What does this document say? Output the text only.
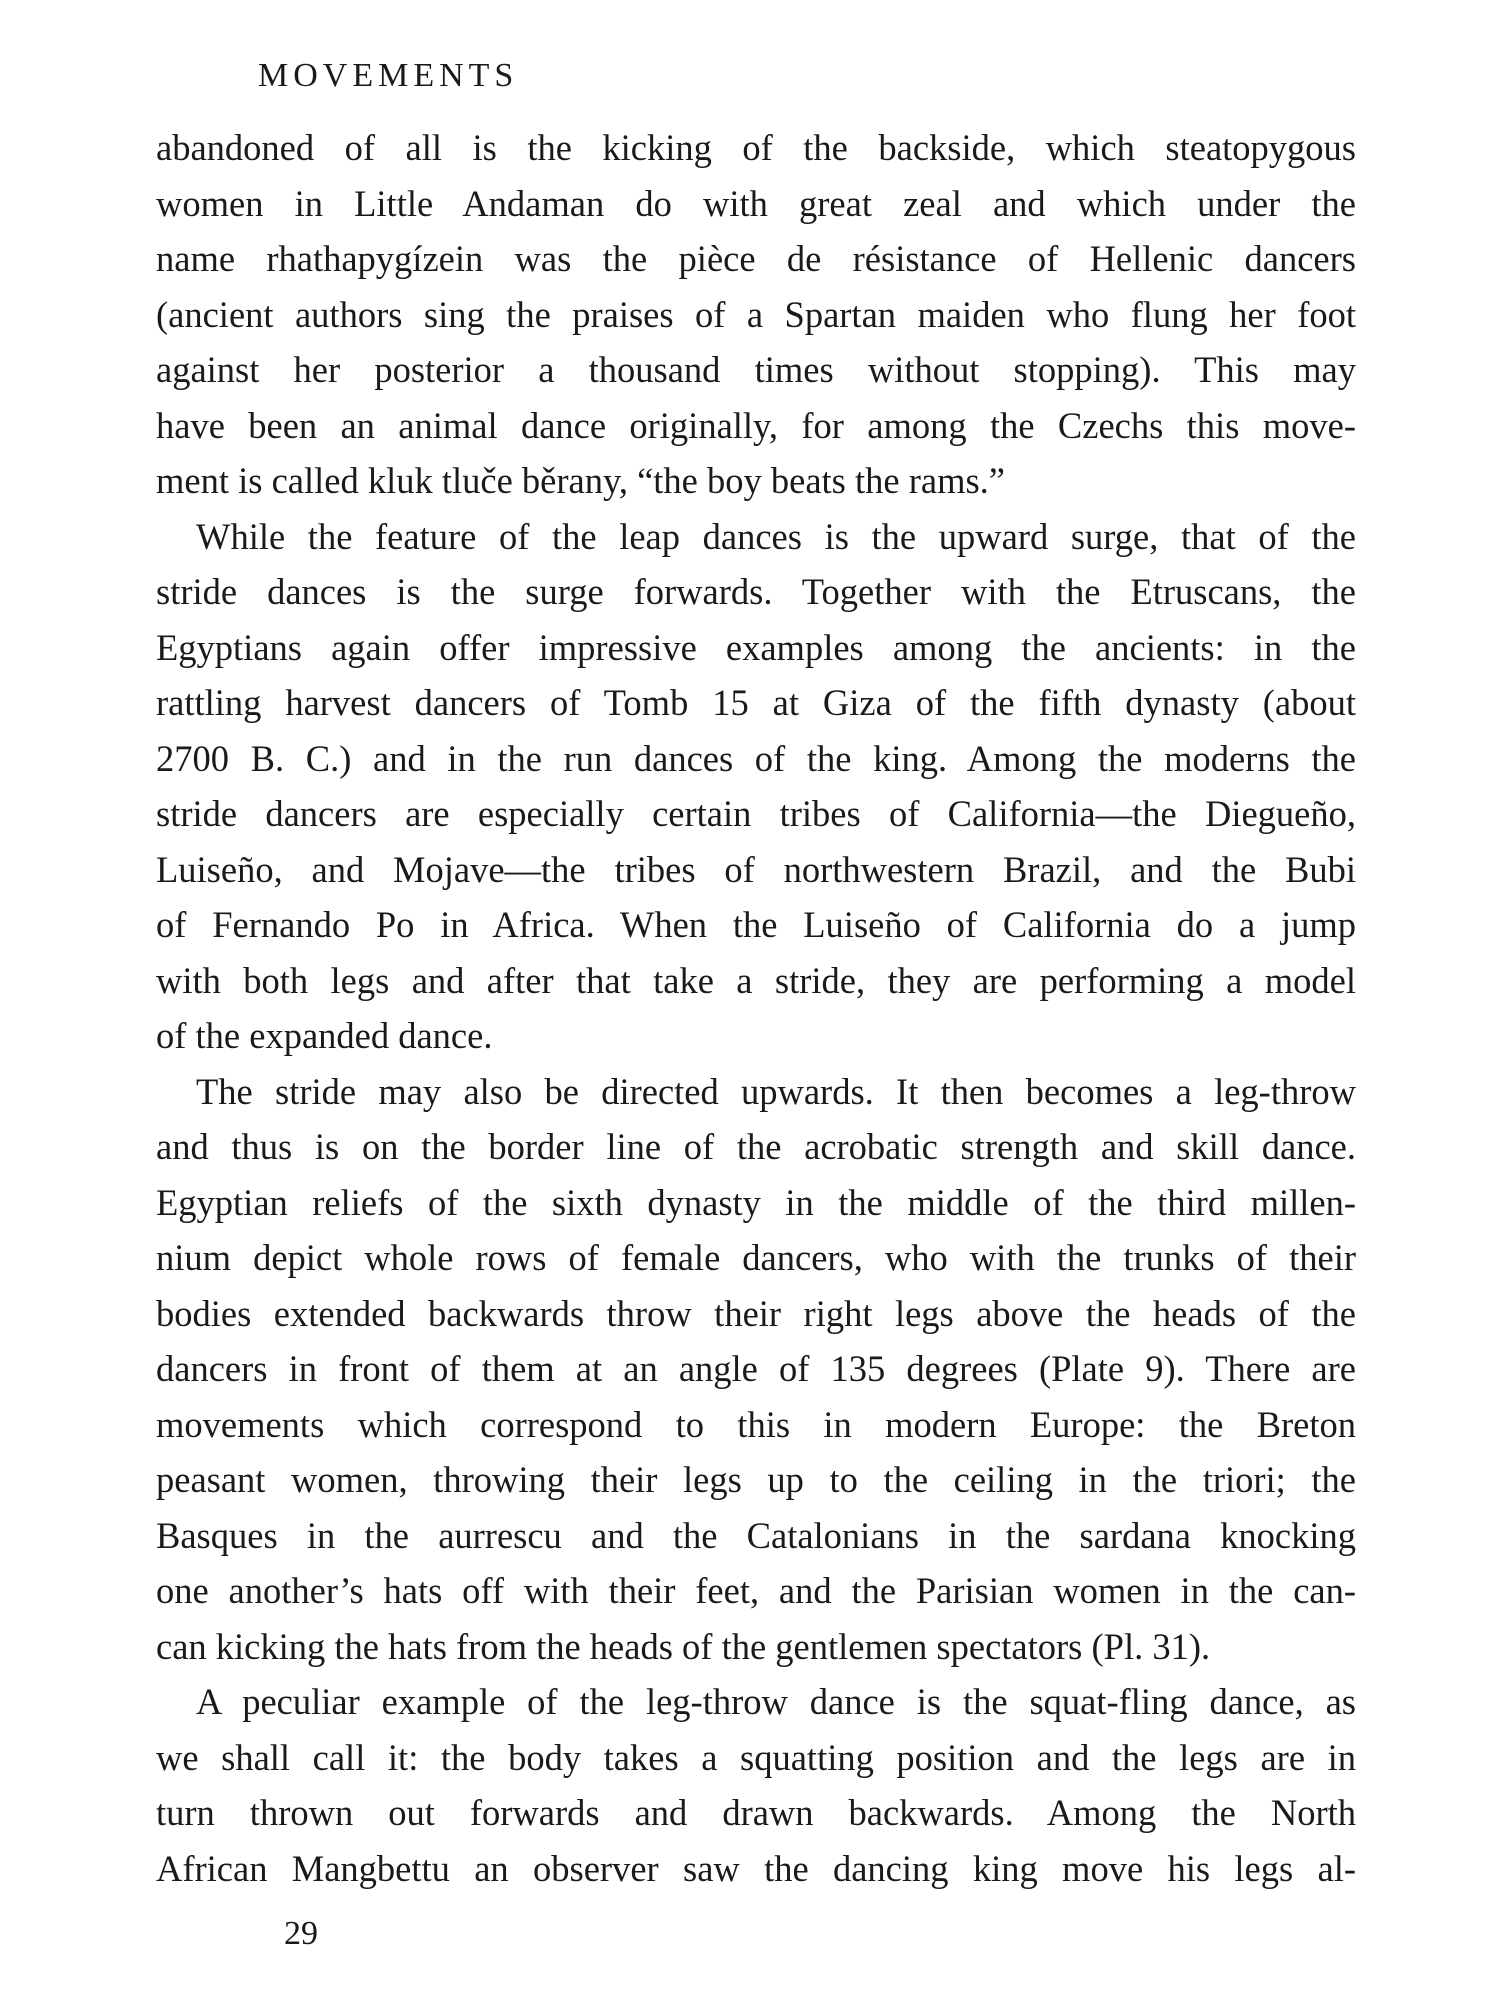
MOVEMENTS
abandoned of all is the kicking of the backside, which steatopygous
women in Little Andaman do with great zeal and which under the
name rhathapygízein was the pièce de résistance of Hellenic dancers
(ancient authors sing the praises of a Spartan maiden who flung her foot
against her posterior a thousand times without stopping). This may
have been an animal dance originally, for among the Czechs this move-
ment is called kluk tluče běrany, “the boy beats the rams.”
While the feature of the leap dances is the upward surge, that of the
stride dances is the surge forwards. Together with the Etruscans, the
Egyptians again offer impressive examples among the ancients: in the
rattling harvest dancers of Tomb 15 at Giza of the fifth dynasty (about
2700 B. C.) and in the run dances of the king. Among the moderns the
stride dancers are especially certain tribes of California—the Diegueño,
Luiseño, and Mojave—the tribes of northwestern Brazil, and the Bubi
of Fernando Po in Africa. When the Luiseño of California do a jump
with both legs and after that take a stride, they are performing a model
of the expanded dance.
The stride may also be directed upwards. It then becomes a leg-throw
and thus is on the border line of the acrobatic strength and skill dance.
Egyptian reliefs of the sixth dynasty in the middle of the third millen-
nium depict whole rows of female dancers, who with the trunks of their
bodies extended backwards throw their right legs above the heads of the
dancers in front of them at an angle of 135 degrees (Plate 9). There are
movements which correspond to this in modern Europe: the Breton
peasant women, throwing their legs up to the ceiling in the triori; the
Basques in the aurrescu and the Catalonians in the sardana knocking
one another’s hats off with their feet, and the Parisian women in the can-
can kicking the hats from the heads of the gentlemen spectators (Pl. 31).
A peculiar example of the leg-throw dance is the squat-fling dance, as
we shall call it: the body takes a squatting position and the legs are in
turn thrown out forwards and drawn backwards. Among the North
African Mangbettu an observer saw the dancing king move his legs al-
29
